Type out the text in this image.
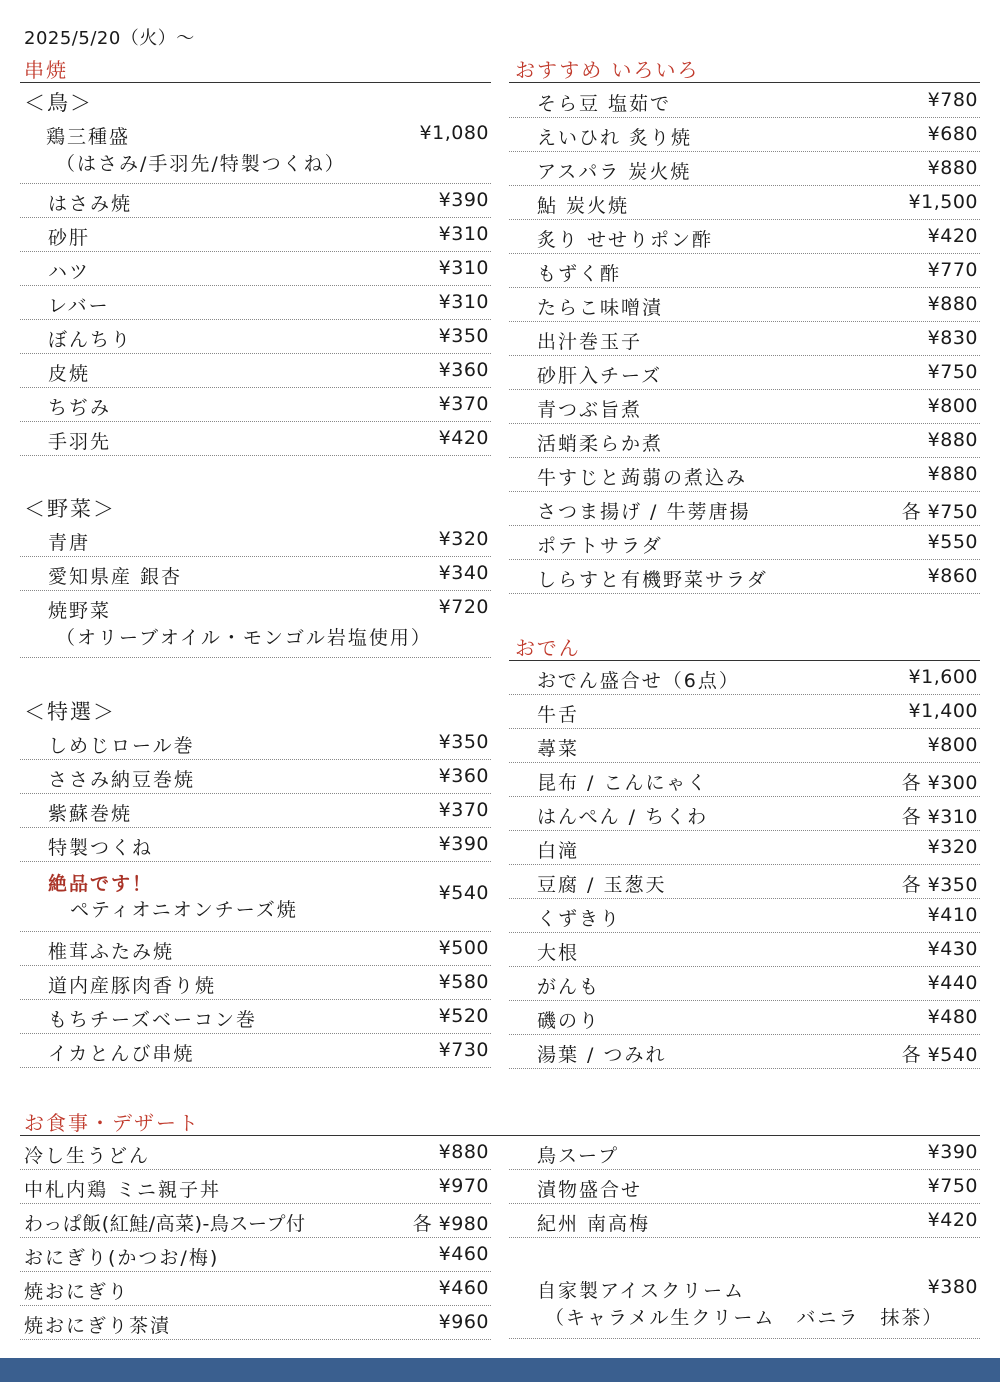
2025/5/20（火）～
串焼
＜鳥＞
鶏三種盛	¥1,080
（はさみ/手羽先/特製つくね）
はさみ焼	¥390
砂肝	¥310
ハツ	¥310
レバー	¥310
ぼんちり	¥350
皮焼	¥360
ちぢみ	¥370
手羽先	¥420
＜野菜＞
青唐	¥320
愛知県産 銀杏	¥340
焼野菜	¥720
（オリーブオイル・モンゴル岩塩使用）
＜特選＞
しめじロール巻	¥350
ささみ納豆巻焼	¥360
紫蘇巻焼	¥370
特製つくね	¥390
絶品です！	¥540
ペティオニオンチーズ焼
椎茸ふたみ焼	¥500
道内産豚肉香り焼	¥580
もちチーズベーコン巻	¥520
イカとんび串焼	¥730
おすすめ いろいろ
そら豆 塩茹で	¥780
えいひれ 炙り焼	¥680
アスパラ 炭火焼	¥880
鮎 炭火焼	¥1,500
炙り せせりポン酢	¥420
もずく酢	¥770
たらこ味噌漬	¥880
出汁巻玉子	¥830
砂肝入チーズ	¥750
青つぶ旨煮	¥800
活蛸柔らか煮	¥880
牛すじと蒟蒻の煮込み	¥880
さつま揚げ / 牛蒡唐揚	各 ¥750
ポテトサラダ	¥550
しらすと有機野菜サラダ	¥860
おでん
おでん盛合せ（6点）	¥1,600
牛舌	¥1,400
蕁菜	¥800
昆布 / こんにゃく	各 ¥300
はんぺん / ちくわ	各 ¥310
白滝	¥320
豆腐 / 玉葱天	各 ¥350
くずきり	¥410
大根	¥430
がんも	¥440
磯のり	¥480
湯葉 / つみれ	各 ¥540
お食事・デザート
冷し生うどん	¥880
中札内鶏 ミニ親子丼	¥970
わっぱ飯(紅鮭/高菜)-鳥スープ付	各 ¥980
おにぎり(かつお/梅)	¥460
焼おにぎり	¥460
焼おにぎり茶漬	¥960
鳥スープ	¥390
漬物盛合せ	¥750
紀州 南高梅	¥420
自家製アイスクリーム	¥380
（キャラメル生クリーム　バニラ　抹茶）
